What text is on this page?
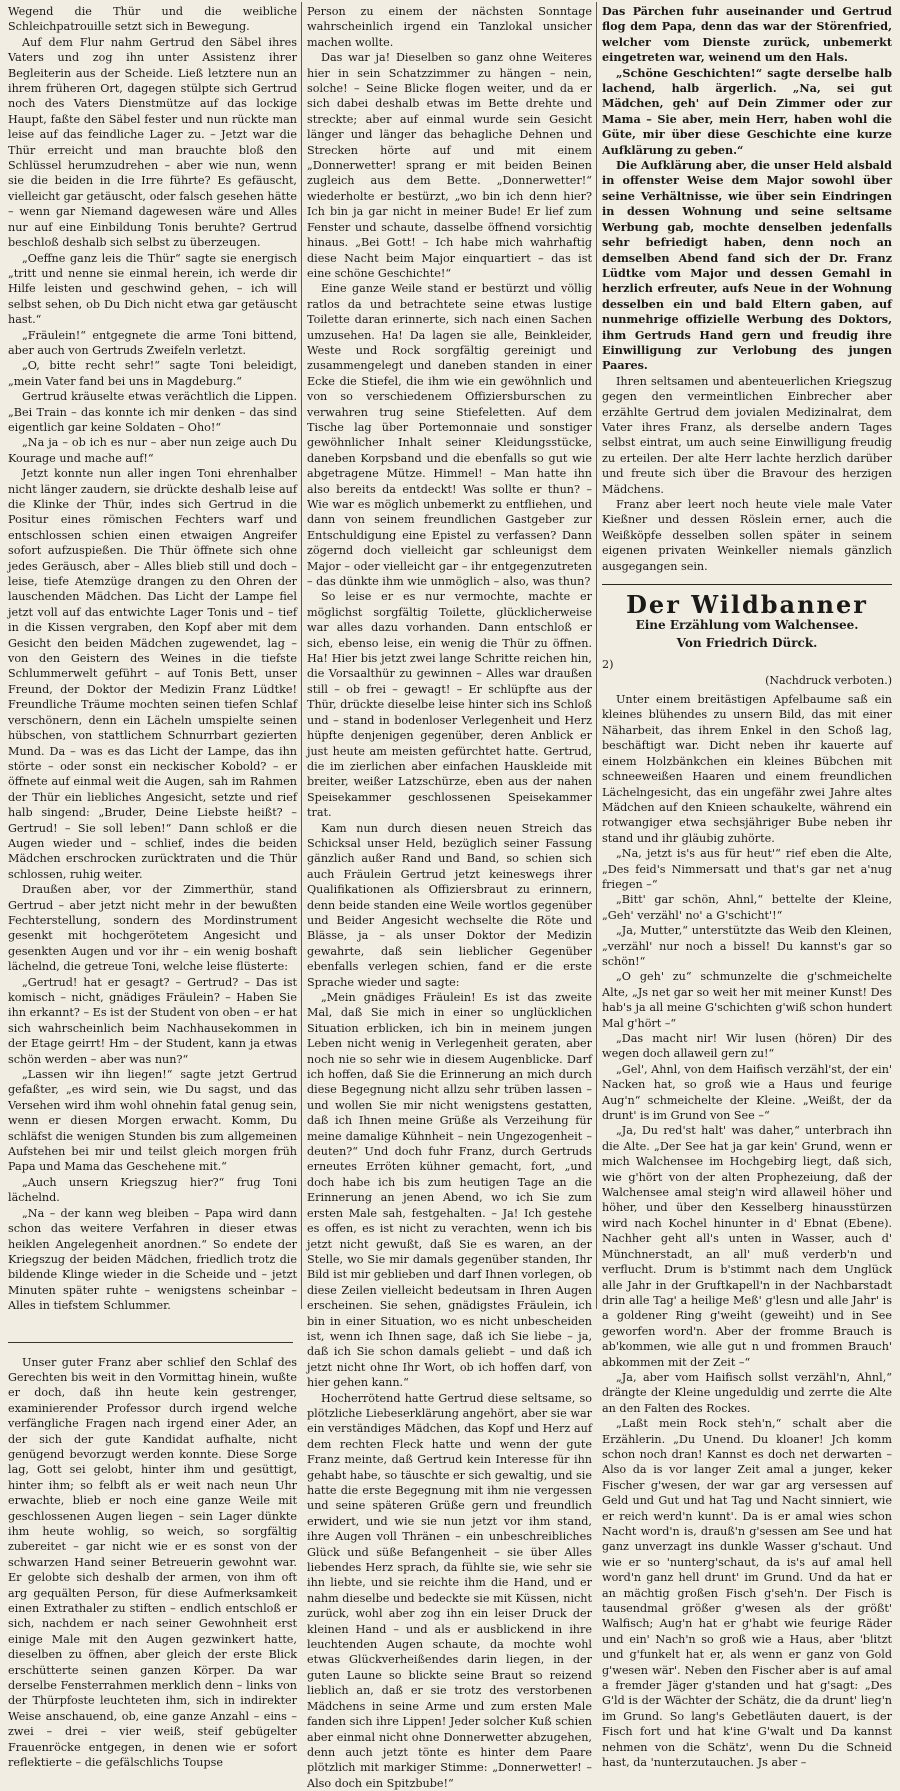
Wegend die Thür und die weibliche Schleichpatrouille setzt sich in Bewegung.

Auf dem Flur nahm Gertrud den Säbel ihres Vaters und zog ihn unter Assistenz ihrer Begleiterin aus der Scheide. Ließ letztere nun an ihrem früheren Ort, dagegen stülpte sich Gertrud noch des Vaters Dienstmütze auf das lockige Haupt, faßte den Säbel fester und nun rückte man leise auf das feindliche Lager zu. – Jetzt war die Thür erreicht und man brauchte bloß den Schlüssel herumzudrehen – aber wie nun, wenn sie die beiden in die Irre führte? Es gefäuscht, vielleicht gar getäuscht, oder falsch gesehen hätte – wenn gar Niemand dagewesen wäre und Alles nur auf eine Einbildung Tonis beruhte? Gertrud beschloß deshalb sich selbst zu überzeugen.

„Oeffne ganz leis die Thür“ sagte sie energisch „tritt und nenne sie einmal herein, ich werde dir Hilfe leisten und geschwind gehen, – ich will selbst sehen, ob Du Dich nicht etwa gar getäuscht hast.“

„Fräulein!“ entgegnete die arme Toni bittend, aber auch von Gertruds Zweifeln verletzt.

„O, bitte recht sehr!“ sagte Toni beleidigt, „mein Vater fand bei uns in Magdeburg.“

Gertrud kräuselte etwas verächtlich die Lippen. „Bei Train – das konnte ich mir denken – das sind eigentlich gar keine Soldaten – Oho!“

„Na ja – ob ich es nur – aber nun zeige auch Du Kourage und mache auf!“

Jetzt konnte nun aller ingen Toni ehrenhalber nicht länger zaudern, sie drückte deshalb leise auf die Klinke der Thür, indes sich Gertrud in die Positur eines römischen Fechters warf und entschlossen schien einen etwaigen Angreifer sofort aufzuspießen. Die Thür öffnete sich ohne jedes Geräusch, aber – Alles blieb still und doch – leise, tiefe Atemzüge drangen zu den Ohren der lauschenden Mädchen. Das Licht der Lampe fiel jetzt voll auf das entwichte Lager Tonis und – tief in die Kissen vergraben, den Kopf aber mit dem Gesicht den beiden Mädchen zugewendet, lag – von den Geistern des Weines in die tiefste Schlummerwelt geführt – auf Tonis Bett, unser Freund, der Doktor der Medizin Franz Lüdtke! Freundliche Träume mochten seinen tiefen Schlaf verschönern, denn ein Lächeln umspielte seinen hübschen, von stattlichem Schnurrbart gezierten Mund. Da – was es das Licht der Lampe, das ihn störte – oder sonst ein neckischer Kobold? – er öffnete auf einmal weit die Augen, sah im Rahmen der Thür ein liebliches Angesicht, setzte und rief halb singend: „Bruder, Deine Liebste heißt? – Gertrud! – Sie soll leben!“ Dann schloß er die Augen wieder und – schlief, indes die beiden Mädchen erschrocken zurücktraten und die Thür schlossen, ruhig weiter.

Draußen aber, vor der Zimmerthür, stand Gertrud – aber jetzt nicht mehr in der bewußten Fechterstellung, sondern des Mordinstrument gesenkt mit hochgerötetem Angesicht und gesenkten Augen und vor ihr – ein wenig boshaft lächelnd, die getreue Toni, welche leise flüsterte:

„Gertrud! hat er gesagt? – Gertrud? – Das ist komisch – nicht, gnädiges Fräulein? – Haben Sie ihn erkannt? – Es ist der Student von oben – er hat sich wahrscheinlich beim Nachhausekommen in der Etage geirrt! Hm – der Student, kann ja etwas schön werden – aber was nun?“

„Lassen wir ihn liegen!“ sagte jetzt Gertrud gefaßter, „es wird sein, wie Du sagst, und das Versehen wird ihm wohl ohnehin fatal genug sein, wenn er diesen Morgen erwacht. Komm, Du schläfst die wenigen Stunden bis zum allgemeinen Aufstehen bei mir und teilst gleich morgen früh Papa und Mama das Geschehene mit.“

„Auch unsern Kriegszug hier?“ frug Toni lächelnd.

„Na – der kann weg bleiben – Papa wird dann schon das weitere Verfahren in dieser etwas heiklen Angelegenheit anordnen.“ So endete der Kriegszug der beiden Mädchen, friedlich trotz die bildende Klinge wieder in die Scheide und – jetzt Minuten später ruhte – wenigstens scheinbar – Alles in tiefstem Schlummer.

Unser guter Franz aber schlief den Schlaf des Gerechten bis weit in den Vormittag hinein, wußte er doch, daß ihn heute kein gestrenger, examinierender Professor durch irgend welche verfängliche Fragen nach irgend einer Ader, an der sich der gute Kandidat aufhalte, nicht genügend bevorzugt werden konnte. Diese Sorge lag, Gott sei gelobt, hinter ihm und gesüttigt, hinter ihm; so felbft als er weit nach neun Uhr erwachte, blieb er noch eine ganze Weile mit geschlossenen Augen liegen – sein Lager dünkte ihm heute wohlig, so weich, so sorgfältig zubereitet – gar nicht wie er es sonst von der schwarzen Hand seiner Betreuerin gewohnt war. Er gelobte sich deshalb der armen, von ihm oft arg gequälten Person, für diese Aufmerksamkeit einen Extrathaler zu stiften – endlich entschloß er sich, nachdem er nach seiner Gewohnheit erst einige Male mit den Augen gezwinkert hatte, dieselben zu öffnen, aber gleich der erste Blick erschütterte seinen ganzen Körper. Da war derselbe Fensterrahmen merklich denn – links von der Thürpfoste leuchteten ihm, sich in indirekter Weise anschauend, ob, eine ganze Anzahl – eins – zwei – drei – vier weiß, steif gebügelter Frauenröcke entgegen, in denen wie er sofort reflektierte – die gefälschlichs Toupse

Person zu einem der nächsten Sonntage wahrscheinlich irgend ein Tanzlokal unsicher machen wollte.

Das war ja! Dieselben so ganz ohne Weiteres hier in sein Schatzzimmer zu hängen – nein, solche! – Seine Blicke flogen weiter, und da er sich dabei deshalb etwas im Bette drehte und streckte; aber auf einmal wurde sein Gesicht länger und länger das behagliche Dehnen und Strecken hörte auf und mit einem „Donnerwetter! sprang er mit beiden Beinen zugleich aus dem Bette. „Donnerwetter!“ wiederholte er bestürzt, „wo bin ich denn hier? Ich bin ja gar nicht in meiner Bude! Er lief zum Fenster und schaute, dasselbe öffnend vorsichtig hinaus. „Bei Gott! – Ich habe mich wahrhaftig diese Nacht beim Major einquartiert – das ist eine schöne Geschichte!“

Eine ganze Weile stand er bestürzt und völlig ratlos da und betrachtete seine etwas lustige Toilette daran erinnerte, sich nach einen Sachen umzusehen. Ha! Da lagen sie alle, Beinkleider, Weste und Rock sorgfältig gereinigt und zusammengelegt und daneben standen in einer Ecke die Stiefel, die ihm wie ein gewöhnlich und von so verschiedenem Offiziersburschen zu verwahren trug seine Stiefeletten. Auf dem Tische lag über Portemonnaie und sonstiger gewöhnlicher Inhalt seiner Kleidungsstücke, daneben Korpsband und die ebenfalls so gut wie abgetragene Mütze. Himmel! – Man hatte ihn also bereits da entdeckt! Was sollte er thun? – Wie war es möglich unbemerkt zu entfliehen, und dann von seinem freundlichen Gastgeber zur Entschuldigung eine Epistel zu verfassen? Dann zögernd doch vielleicht gar schleunigst dem Major – oder vielleicht gar – ihr entgegenzutreten – das dünkte ihm wie unmöglich – also, was thun?

So leise er es nur vermochte, machte er möglichst sorgfältig Toilette, glücklicherweise war alles dazu vorhanden. Dann entschloß er sich, ebenso leise, ein wenig die Thür zu öffnen. Ha! Hier bis jetzt zwei lange Schritte reichen hin, die Vorsaalthür zu gewinnen – Alles war draußen still – ob frei – gewagt! – Er schlüpfte aus der Thür, drückte dieselbe leise hinter sich ins Schloß und – stand in bodenloser Verlegenheit und Herz hüpfte denjenigen gegenüber, deren Anblick er just heute am meisten gefürchtet hatte. Gertrud, die im zierlichen aber einfachen Hauskleide mit breiter, weißer Latzschürze, eben aus der nahen Speisekammer geschlossenen Speisekammer trat.

Kam nun durch diesen neuen Streich das Schicksal unser Held, bezüglich seiner Fassung gänzlich außer Rand und Band, so schien sich auch Fräulein Gertrud jetzt keineswegs ihrer Qualifikationen als Offiziersbraut zu erinnern, denn beide standen eine Weile wortlos gegenüber und Beider Angesicht wechselte die Röte und Blässe, ja – als unser Doktor der Medizin gewahrte, daß sein lieblicher Gegenüber ebenfalls verlegen schien, fand er die erste Sprache wieder und sagte:

„Mein gnädiges Fräulein! Es ist das zweite Mal, daß Sie mich in einer so unglücklichen Situation erblicken, ich bin in meinem jungen Leben nicht wenig in Verlegenheit geraten, aber noch nie so sehr wie in diesem Augenblicke. Darf ich hoffen, daß Sie die Erinnerung an mich durch diese Begegnung nicht allzu sehr trüben lassen – und wollen Sie mir nicht wenigstens gestatten, daß ich Ihnen meine Grüße als Verzeihung für meine damalige Kühnheit – nein Ungezogenheit – deuten?“ Und doch fuhr Franz, durch Gertruds erneutes Erröten kühner gemacht, fort, „und doch habe ich bis zum heutigen Tage an die Erinnerung an jenen Abend, wo ich Sie zum ersten Male sah, festgehalten. – Ja! Ich gestehe es offen, es ist nicht zu verachten, wenn ich bis jetzt nicht gewußt, daß Sie es waren, an der Stelle, wo Sie mir damals gegenüber standen, Ihr Bild ist mir geblieben und darf Ihnen vorlegen, ob diese Zeilen vielleicht bedeutsam in Ihren Augen erscheinen. Sie sehen, gnädigstes Fräulein, ich bin in einer Situation, wo es nicht unbescheiden ist, wenn ich Ihnen sage, daß ich Sie liebe – ja, daß ich Sie schon damals geliebt – und daß ich jetzt nicht ohne Ihr Wort, ob ich hoffen darf, von hier gehen kann.“

Hocherrötend hatte Gertrud diese seltsame, so plötzliche Liebeserklärung angehört, aber sie war ein verständiges Mädchen, das Kopf und Herz auf dem rechten Fleck hatte und wenn der gute Franz meinte, daß Gertrud kein Interesse für ihn gehabt habe, so täuschte er sich gewaltig, und sie hatte die erste Begegnung mit ihm nie vergessen und seine späteren Grüße gern und freundlich erwidert, und wie sie nun jetzt vor ihm stand, ihre Augen voll Thränen – ein unbeschreibliches Glück und süße Befangenheit – sie über Alles liebendes Herz sprach, da fühlte sie, wie sehr sie ihn liebte, und sie reichte ihm die Hand, und er nahm dieselbe und bedeckte sie mit Küssen, nicht zurück, wohl aber zog ihn ein leiser Druck der kleinen Hand – und als er ausblickend in ihre leuchtenden Augen schaute, da mochte wohl etwas Glückverheißendes darin liegen, in der guten Laune so blickte seine Braut so reizend lieblich an, daß er sie trotz des verstorbenen Mädchens in seine Arme und zum ersten Male fanden sich ihre Lippen! Jeder solcher Kuß schien aber einmal nicht ohne Donnerwetter abzugehen, denn auch jetzt tönte es hinter dem Paare plötzlich mit markiger Stimme: „Donnerwetter! – Also doch ein Spitzbube!“

Das Pärchen fuhr auseinander und Gertrud flog dem Papa, denn das war der Störenfried, welcher vom Dienste zurück, unbemerkt eingetreten war, weinend um den Hals.

„Schöne Geschichten!“ sagte derselbe halb lachend, halb ärgerlich. „Na, sei gut Mädchen, geh' auf Dein Zimmer oder zur Mama – Sie aber, mein Herr, haben wohl die Güte, mir über diese Geschichte eine kurze Aufklärung zu geben.“

Die Aufklärung aber, die unser Held alsbald in offenster Weise dem Major sowohl über seine Verhältnisse, wie über sein Eindringen in dessen Wohnung und seine seltsame Werbung gab, mochte denselben jedenfalls sehr befriedigt haben, denn noch an demselben Abend fand sich der Dr. Franz Lüdtke vom Major und dessen Gemahl in herzlich erfreuter, aufs Neue in der Wohnung desselben ein und bald Eltern gaben, auf nunmehrige offizielle Werbung des Doktors, ihm Gertruds Hand gern und freudig ihre Einwilligung zur Verlobung des jungen Paares.

Ihren seltsamen und abenteuerlichen Kriegszug gegen den vermeintlichen Einbrecher aber erzählte Gertrud dem jovialen Medizinalrat, dem Vater ihres Franz, als derselbe andern Tages selbst eintrat, um auch seine Einwilligung freudig zu erteilen. Der alte Herr lachte herzlich darüber und freute sich über die Bravour des herzigen Mädchens.

Franz aber leert noch heute viele male Vater Kießner und dessen Röslein erner, auch die Weißköpfe desselben sollen später in seinem eigenen privaten Weinkeller niemals gänzlich ausgegangen sein.

Der Wildbanner
Eine Erzählung vom Walchensee.
Von Friedrich Dürck.

2)

(Nachdruck verboten.)

Unter einem breitästigen Apfelbaume saß ein kleines blühendes zu unsern Bild, das mit einer Näharbeit, das ihrem Enkel in den Schoß lag, beschäftigt war. Dicht neben ihr kauerte auf einem Holzbänkchen ein kleines Bübchen mit schneeweißen Haaren und einem freundlichen Lächelngesicht, das ein ungefähr zwei Jahre altes Mädchen auf den Knieen schaukelte, während ein rotwangiger etwa sechsjähriger Bube neben ihr stand und ihr gläubig zuhörte.

„Na, jetzt is's aus für heut'“ rief eben die Alte, „Des feid's Nimmersatt und that's gar net a'nug friegen –“

„Bitt' gar schön, Ahnl,“ bettelte der Kleine, „Geh' verzähl' no' a G'schicht'!“

„Ja, Mutter,“ unterstützte das Weib den Kleinen, „verzähl' nur noch a bissel! Du kannst's gar so schön!“

„O geh' zu“ schmunzelte die g'schmeichelte Alte, „Js net gar so weit her mit meiner Kunst! Des hab's ja all meine G'schichten g'wiß schon hundert Mal g'hört –“

„Das macht nir! Wir lusen (hören) Dir des wegen doch allaweil gern zu!“

„Gel', Ahnl, von dem Haifisch verzähl'st, der ein' Nacken hat, so groß wie a Haus und feurige Aug'n“ schmeichelte der Kleine. „Weißt, der da drunt' is im Grund von See –“

„Ja, Du red'st halt' was daher,“ unterbrach ihn die Alte. „Der See hat ja gar kein' Grund, wenn er mich Walchensee im Hochgebirg liegt, daß sich, wie g'hört von der alten Prophezeiung, daß der Walchensee amal steig'n wird allaweil höher und höher, und über den Kesselberg hinausstürzen wird nach Kochel hinunter in d' Ebnat (Ebene). Nachher geht all's unten in Wasser, auch d' Münchnerstadt, an all' muß verderb'n und verflucht. Drum is b'stimmt nach dem Unglück alle Jahr in der Gruftkapell'n in der Nachbarstadt drin alle Tag' a heilige Meß' g'lesn und alle Jahr' is a goldener Ring g'weiht (geweiht) und in See geworfen word'n. Aber der fromme Brauch is ab'kommen, wie alle gut n und frommen Brauch' abkommen mit der Zeit –“

„Ja, aber vom Haifisch sollst verzähl'n, Ahnl,“ drängte der Kleine ungeduldig und zerrte die Alte an den Falten des Rockes.

„Laßt mein Rock steh'n,“ schalt aber die Erzählerin. „Du Unend. Du kloaner! Jch komm schon noch dran! Kannst es doch net derwarten – Also da is vor langer Zeit amal a junger, keker Fischer g'wesen, der war gar arg versessen auf Geld und Gut und hat Tag und Nacht sinniert, wie er reich werd'n kunnt'. Da is er amal wies schon Nacht word'n is, drauß'n g'sessen am See und hat ganz unverzagt ins dunkle Wasser g'schaut. Und wie er so 'nunterg'schaut, da is's auf amal hell word'n ganz hell drunt' im Grund. Und da hat er an mächtig großen Fisch g'seh'n. Der Fisch is tausendmal größer g'wesen als der größt' Walfisch; Aug'n hat er g'habt wie feurige Räder und ein' Nach'n so groß wie a Haus, aber 'blitzt und g'funkelt hat er, als wenn er ganz von Gold g'wesen wär'. Neben den Fischer aber is auf amal a fremder Jäger g'standen und hat g'sagt: „Des G'ld is der Wächter der Schätz, die da drunt' lieg'n im Grund. So lang's Gebetläuten dauert, is der Fisch fort und hat k'ine G'walt und Da kannst nehmen von die Schätz', wenn Du die Schneid hast, da 'nunterzutauchen. Js aber –
